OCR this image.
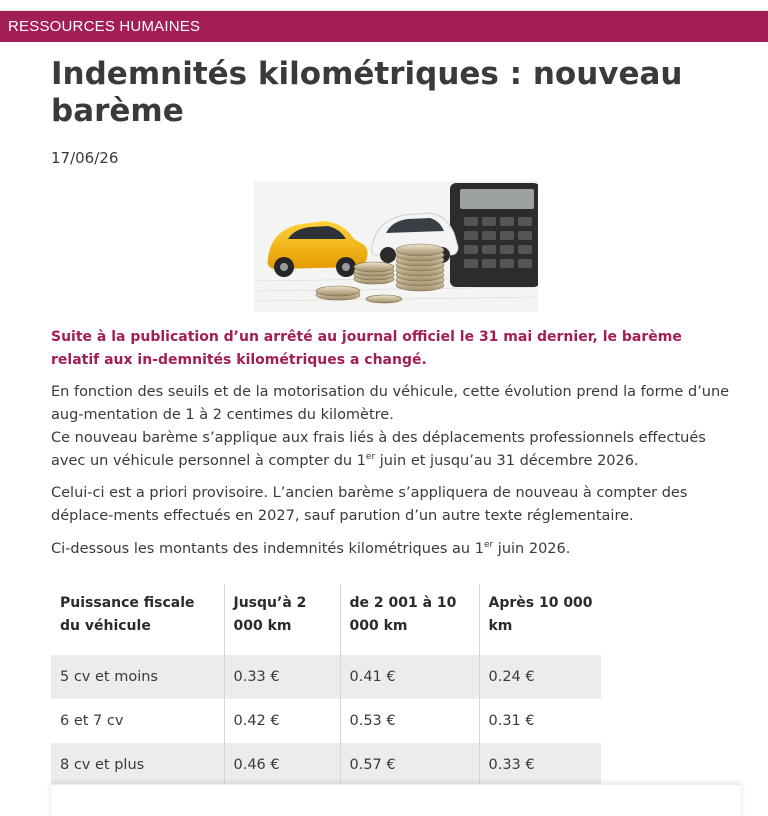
RESSOURCES HUMAINES
Indemnités kilométriques : nouveau barème
17/06/26

Suite à la publication d’un arrêté au journal officiel le 31 mai dernier, le barème relatif aux in-demnités kilométriques a changé.

En fonction des seuils et de la motorisation du véhicule, cette évolution prend la forme d’une aug-mentation de 1 à 2 centimes du kilomètre.
Ce nouveau barème s’applique aux frais liés à des déplacements professionnels effectués avec un véhicule personnel à compter du 1er juin et jusqu’au 31 décembre 2026.

Celui-ci est a priori provisoire. L’ancien barème s’appliquera de nouveau à compter des déplace-ments effectués en 2027, sauf parution d’un autre texte réglementaire.

Ci-dessous les montants des indemnités kilométriques au 1er juin 2026.

Puissance fiscale du véhicule	Jusqu’à 2 000 km	de 2 001 à 10 000 km	Après 10 000 km
5 cv et moins	0.33 €	0.41 €	0.24 €
6 et 7 cv	0.42 €	0.53 €	0.31 €
8 cv et plus	0.46 €	0.57 €	0.33 €
